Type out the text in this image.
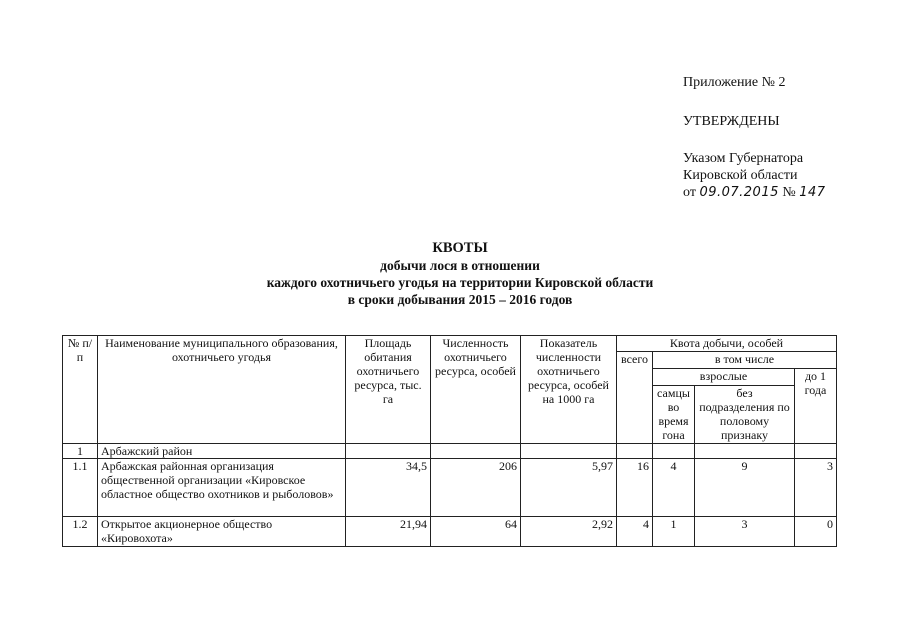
Приложение № 2
УТВЕРЖДЕНЫ
Указом Губернатора
Кировской области
от 09.07.2015 № 147
КВОТЫ
добычи лося в отношении
каждого охотничьего угодья на территории Кировской области
в сроки добывания 2015 – 2016 годов
№ п/п	Наименование муниципального образования, охотничьего угодья	Площадь обитания охотничьего ресурса, тыс. га	Численность охотничьего ресурса, особей	Показатель численности охотничьего ресурса, особей на 1000 га	Квота добычи, особей			
					всего	в том числе		
						взрослые		до 1 года
						самцы во время гона	без подразделения по половому признаку	
1	Арбажский район							
1.1	Арбажская районная организация общественной организации «Кировское областное общество охотников и рыболовов»	34,5	206	5,97	16	4	9	3
1.2	Открытое акционерное общество «Кировохота»	21,94	64	2,92	4	1	3	0
